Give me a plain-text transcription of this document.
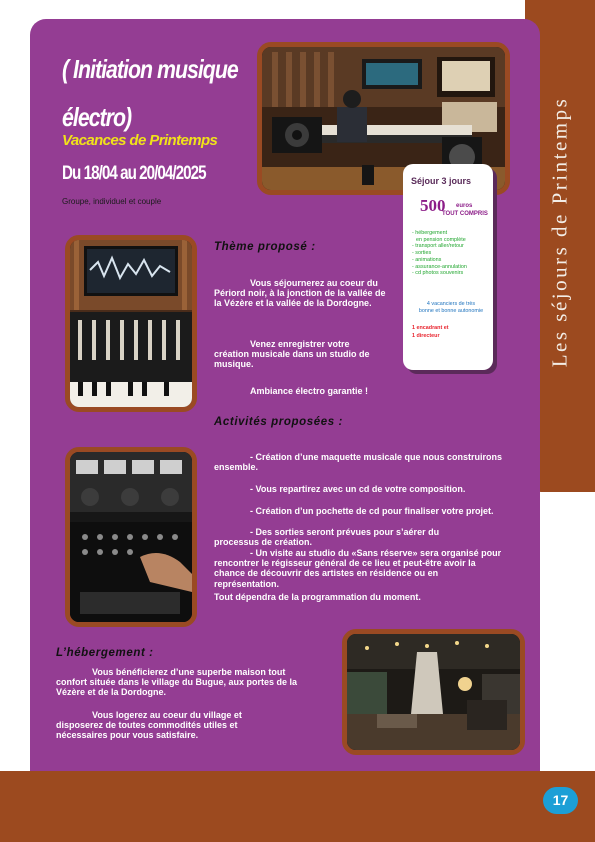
Les séjours de Printemps
17
( Initiation musique
électro)
Vacances de Printemps
Du 18/04 au 20/04/2025
Groupe, individuel et couple
Séjour 3 jours
500 euros
TOUT COMPRIS
- hébergement
en pension complète
- transport aller/retour
- sorties
- animations
- assurance-annulation
- cd photos souvenirs
4 vacanciers de très
bonne et bonne autonomie
1 encadrant et
1 directeur
Thème proposé :
Vous séjournerez au coeur du Périord noir, à la jonction de la vallée de la Vézère et la vallée de la Dordogne.
Venez enregistrer votre création musicale dans un studio de musique.
Ambiance électro garantie !
Activités proposées :
- Création d’une maquette musicale que nous construirons ensemble.
- Vous repartirez avec un cd de votre composition.
- Création d’un pochette de cd pour finaliser votre projet.
- Des sorties seront prévues pour s’aérer du processus de création.
- Un visite au studio du «Sans réserve» sera organisé pour rencontrer le régisseur général de ce lieu et peut-être avoir la chance de découvrir des artistes en résidence ou en représentation.
Tout dépendra de la programmation du moment.
L’hébergement :
Vous bénéficierez d’une superbe maison tout confort située dans le village du Bugue, aux portes de la Vézère et de la Dordogne.
Vous logerez au coeur du village et disposerez de toutes commodités utiles et nécessaires pour vous satisfaire.
